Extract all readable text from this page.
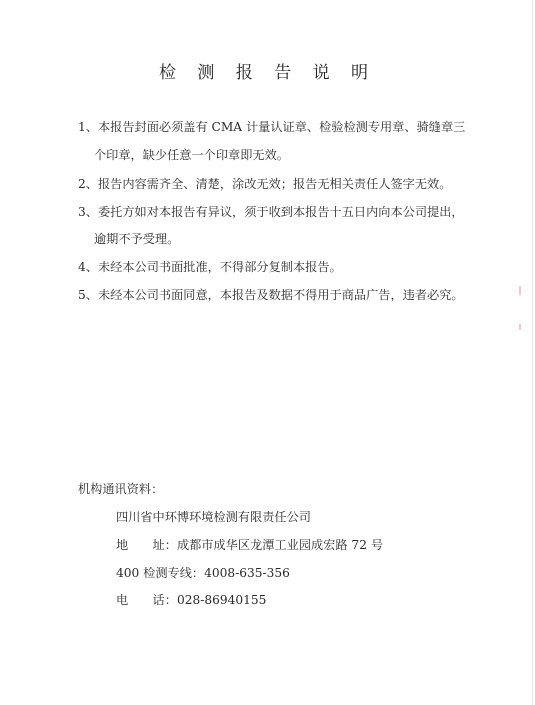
检 测 报 告 说 明
1、本报告封面必须盖有 CMA 计量认证章、检验检测专用章、骑缝章三
个印章，缺少任意一个印章即无效。
2、报告内容需齐全、清楚，涂改无效；报告无相关责任人签字无效。
3、委托方如对本报告有异议，须于收到本报告十五日内向本公司提出，
逾期不予受理。
4、未经本公司书面批准，不得部分复制本报告。
5、未经本公司书面同意，本报告及数据不得用于商品广告，违者必究。
机构通讯资料：
四川省中环博环境检测有限责任公司
地　　址：成都市成华区龙潭工业园成宏路 72 号
400 检测专线：4008-635-356
电　　话：028-86940155
